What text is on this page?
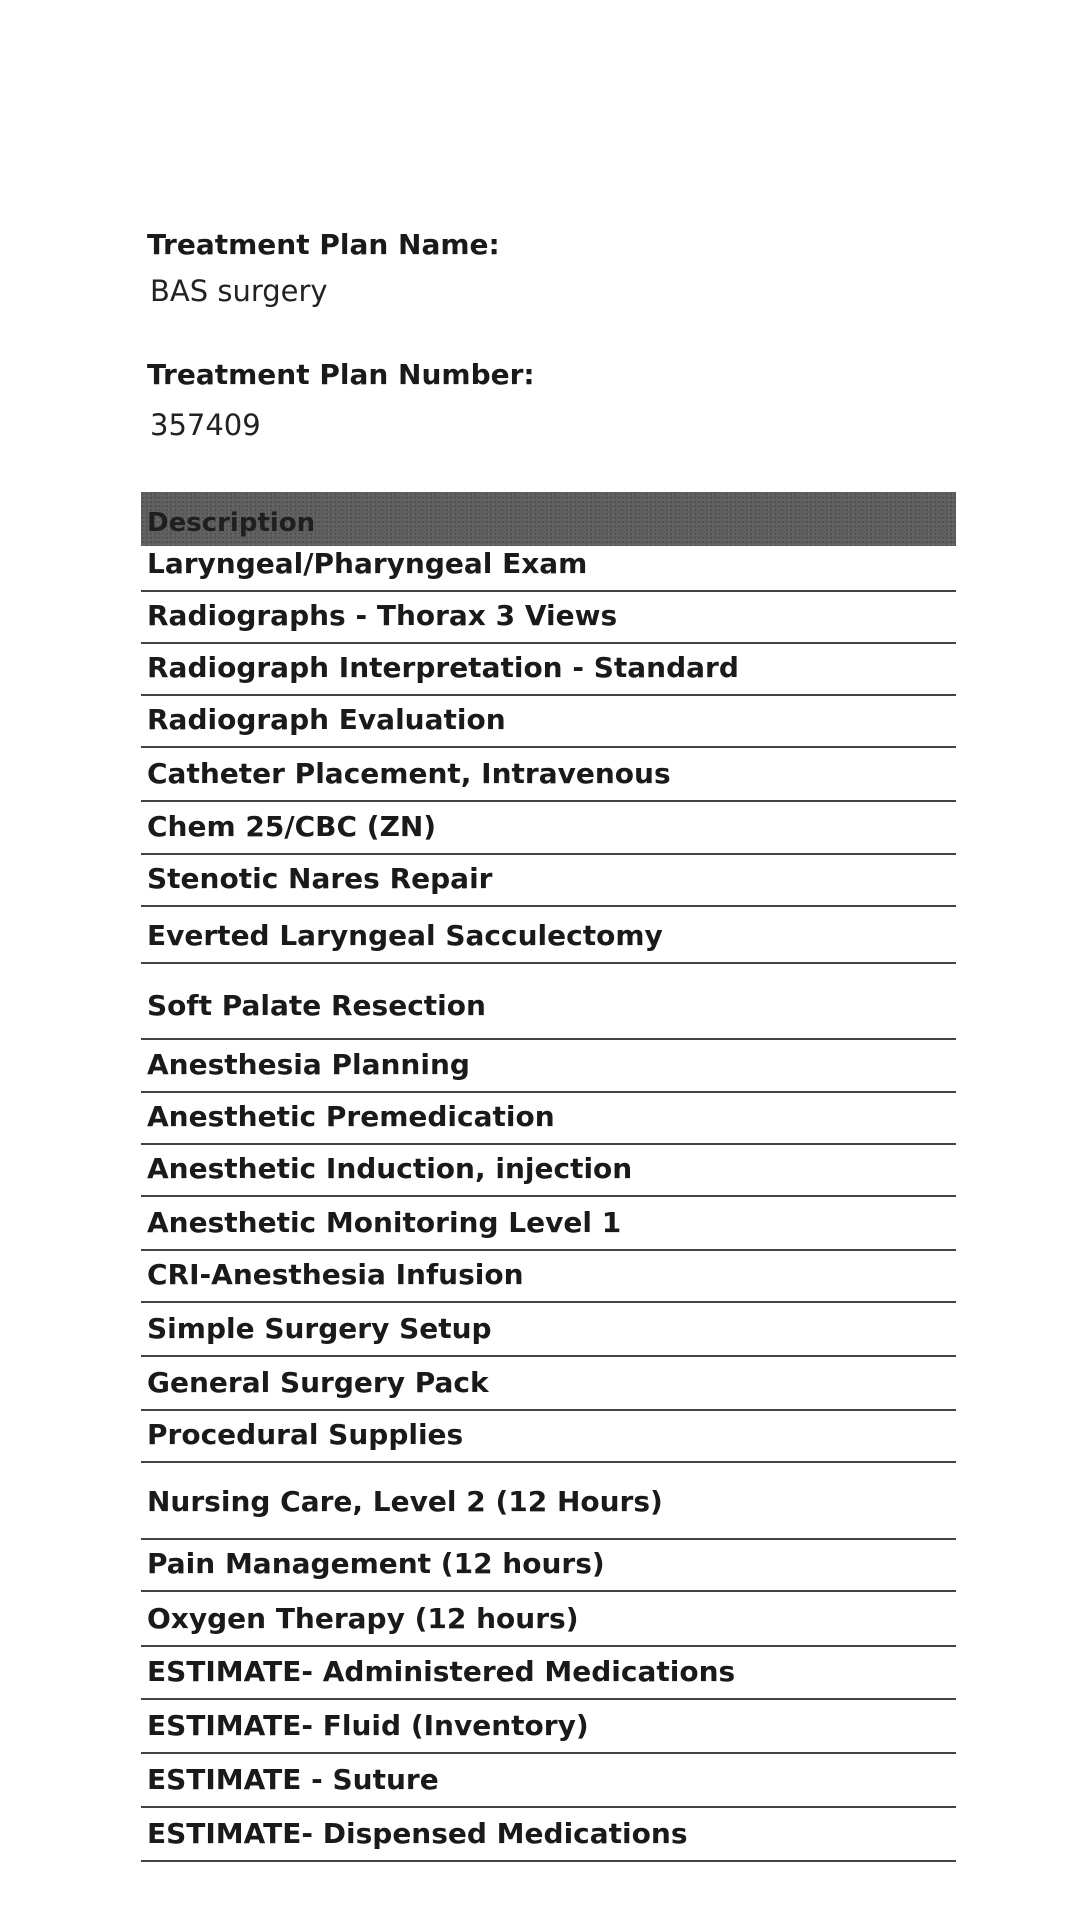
Treatment Plan Name:
BAS surgery
Treatment Plan Number:
357409
Description
Laryngeal/Pharyngeal Exam
Radiographs - Thorax 3 Views
Radiograph Interpretation - Standard
Radiograph Evaluation
Catheter Placement, Intravenous
Chem 25/CBC (ZN)
Stenotic Nares Repair
Everted Laryngeal Sacculectomy
Soft Palate Resection
Anesthesia Planning
Anesthetic Premedication
Anesthetic Induction, injection
Anesthetic Monitoring Level 1
CRI-Anesthesia Infusion
Simple Surgery Setup
General Surgery Pack
Procedural Supplies
Nursing Care, Level 2 (12 Hours)
Pain Management (12 hours)
Oxygen Therapy (12 hours)
ESTIMATE- Administered Medications
ESTIMATE- Fluid (Inventory)
ESTIMATE - Suture
ESTIMATE- Dispensed Medications
